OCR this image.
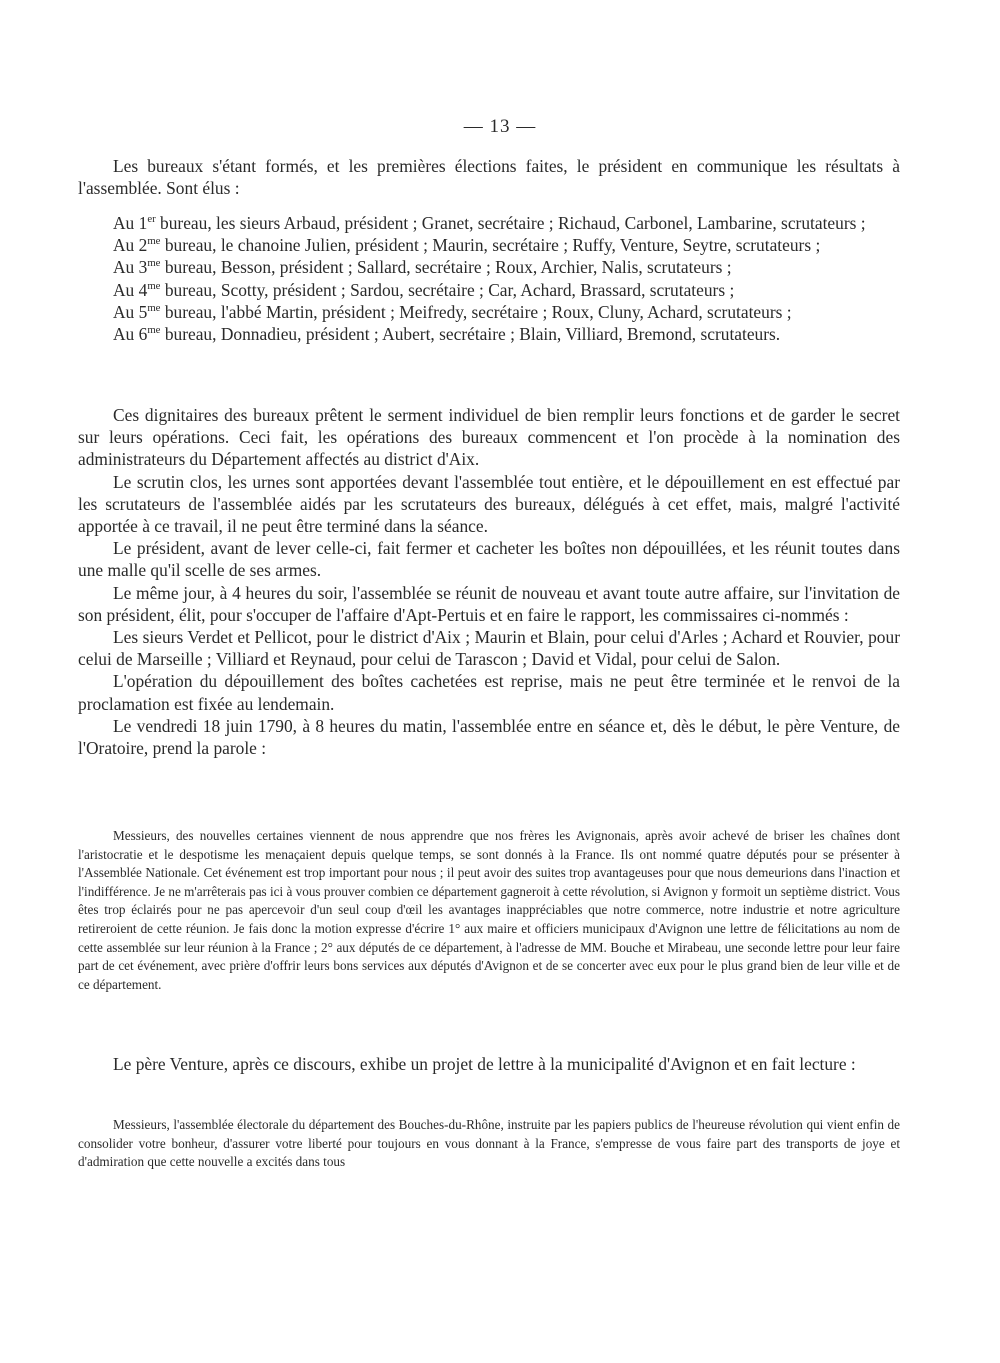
— 13 —

Les bureaux s'étant formés, et les premières élections faites, le président en communique les résultats à l'assemblée. Sont élus :

Au 1er bureau, les sieurs Arbaud, président ; Granet, secrétaire ; Richaud, Carbonel, Lambarine, scrutateurs ;

Au $2^{me}$ bureau, le chanoine Julien, président ; Maurin, secrétaire ; Ruffy, Venture, Seytre, scrutateurs ;

Au $3^{me}$ bureau, Besson, président ; Sallard, secrétaire ; Roux, Archier, Nalis, scrutateurs ;

Au $4^{me}$ bureau, Scotty, président ; Sardou, secrétaire ; Car, Achard, Brassard, scrutateurs ;

Au $5^{me}$ bureau, l'abbé Martin, président ; Meifredy, secrétaire ; Roux, Cluny, Achard, scrutateurs ;

Au $6^{me}$ bureau, Donnadieu, président ; Aubert, secrétaire ; Blain, Villiard, Bremond, scrutateurs.

Ces dignitaires des bureaux prêtent le serment individuel de bien remplir leurs fonctions et de garder le secret sur leurs opérations. Ceci fait, les opérations des bureaux commencent et l'on procède à la nomination des administrateurs du Département affectés au district d'Aix.

Le scrutin clos, les urnes sont apportées devant l'assemblée tout entière, et le dépouillement en est effectué par les scrutateurs de l'assemblée aidés par les scrutateurs des bureaux, délégués à cet effet, mais, malgré l'activité apportée à ce travail, il ne peut être terminé dans la séance.

Le président, avant de lever celle-ci, fait fermer et cacheter les boîtes non dépouillées, et les réunit toutes dans une malle qu'il scelle de ses armes.

Le même jour, à 4 heures du soir, l'assemblée se réunit de nouveau et avant toute autre affaire, sur l'invitation de son président, élit, pour s'occuper de l'affaire d'Apt-Pertuis et en faire le rapport, les commissaires ci-nommés :

Les sieurs Verdet et Pellicot, pour le district d'Aix ; Maurin et Blain, pour celui d'Arles ; Achard et Rouvier, pour celui de Marseille ; Villiard et Reynaud, pour celui de Tarascon ; David et Vidal, pour celui de Salon.

L'opération du dépouillement des boîtes cachetées est reprise, mais ne peut être terminée et le renvoi de la proclamation est fixée au lendemain.

Le vendredi 18 juin 1790, à 8 heures du matin, l'assemblée entre en séance et, dès le début, le père Venture, de l'Oratoire, prend la parole :

Messieurs, des nouvelles certaines viennent de nous apprendre que nos frères les Avignonais, après avoir achevé de briser les chaînes dont l'aristocratie et le despotisme les menaçaient depuis quelque temps, se sont donnés à la France. Ils ont nommé quatre députés pour se présenter à l'Assemblée Nationale. Cet événement est trop important pour nous ; il peut avoir des suites trop avantageuses pour que nous demeurions dans l'inaction et l'indifférence. Je ne m'arrêterais pas ici à vous prouver combien ce département gagneroit à cette révolution, si Avignon y formoit un septième district. Vous êtes trop éclairés pour ne pas apercevoir d'un seul coup d'œil les avantages inappréciables que notre commerce, notre industrie et notre agriculture retireroient de cette réunion. Je fais donc la motion expresse d'écrire 1° aux maire et officiers municipaux d'Avignon une lettre de félicitations au nom de cette assemblée sur leur réunion à la France ; 2° aux députés de ce département, à l'adresse de MM. Bouche et Mirabeau, une seconde lettre pour leur faire part de cet événement, avec prière d'offrir leurs bons services aux députés d'Avignon et de se concerter avec eux pour le plus grand bien de leur ville et de ce département.

Le père Venture, après ce discours, exhibe un projet de lettre à la municipalité d'Avignon et en fait lecture :

Messieurs, l'assemblée électorale du département des Bouches-du-Rhône, instruite par les papiers publics de l'heureuse révolution qui vient enfin de consolider votre bonheur, d'assurer votre liberté pour toujours en vous donnant à la France, s'empresse de vous faire part des transports de joye et d'admiration que cette nouvelle a excités dans tous
